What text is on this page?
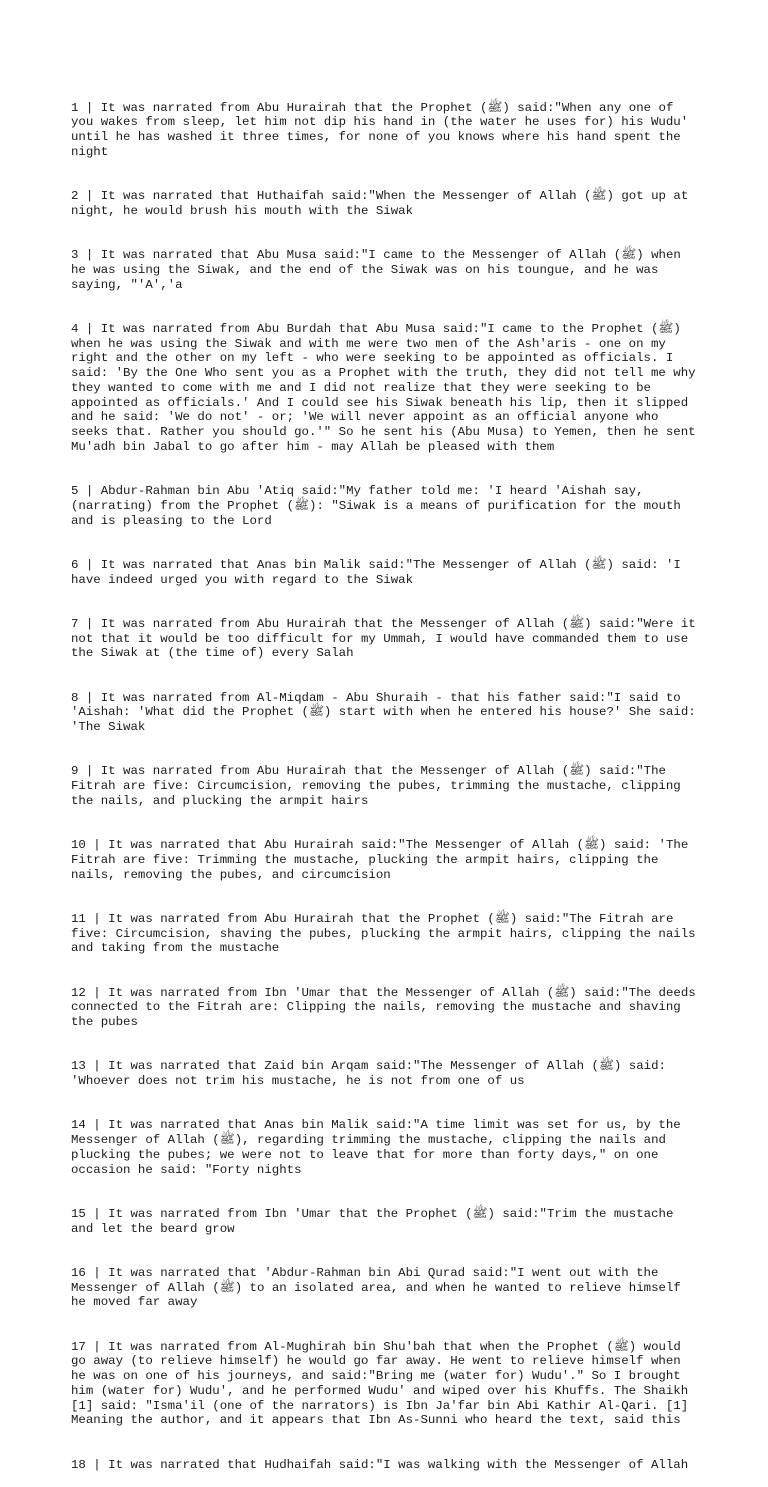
1 | It was narrated from Abu Hurairah that the Prophet (ﷺ) said:"When any one of you wakes from sleep, let him not dip his hand in (the water he uses for) his Wudu' until he has washed it three times, for none of you knows where his hand spent the night

2 | It was narrated that Huthaifah said:"When the Messenger of Allah (ﷺ) got up at night, he would brush his mouth with the Siwak

3 | It was narrated that Abu Musa said:"I came to the Messenger of Allah (ﷺ) when he was using the Siwak, and the end of the Siwak was on his toungue, and he was saying, "'A','a

4 | It was narrated from Abu Burdah that Abu Musa said:"I came to the Prophet (ﷺ) when he was using the Siwak and with me were two men of the Ash'aris - one on my right and the other on my left - who were seeking to be appointed as officials. I said: 'By the One Who sent you as a Prophet with the truth, they did not tell me why they wanted to come with me and I did not realize that they were seeking to be appointed as officials.' And I could see his Siwak beneath his lip, then it slipped and he said: 'We do not' - or; 'We will never appoint as an official anyone who seeks that. Rather you should go.'" So he sent his (Abu Musa) to Yemen, then he sent Mu'adh bin Jabal to go after him - may Allah be pleased with them

5 | Abdur-Rahman bin Abu 'Atiq said:"My father told me: 'I heard 'Aishah say, (narrating) from the Prophet (ﷺ): "Siwak is a means of purification for the mouth and is pleasing to the Lord

6 | It was narrated that Anas bin Malik said:"The Messenger of Allah (ﷺ) said: 'I have indeed urged you with regard to the Siwak

7 | It was narrated from Abu Hurairah that the Messenger of Allah (ﷺ) said:"Were it not that it would be too difficult for my Ummah, I would have commanded them to use the Siwak at (the time of) every Salah

8 | It was narrated from Al-Miqdam - Abu Shuraih - that his father said:"I said to 'Aishah: 'What did the Prophet (ﷺ) start with when he entered his house?' She said: 'The Siwak

9 | It was narrated from Abu Hurairah that the Messenger of Allah (ﷺ) said:"The Fitrah are five: Circumcision, removing the pubes, trimming the mustache, clipping the nails, and plucking the armpit hairs

10 | It was narrated that Abu Hurairah said:"The Messenger of Allah (ﷺ) said: 'The Fitrah are five: Trimming the mustache, plucking the armpit hairs, clipping the nails, removing the pubes, and circumcision

11 | It was narrated from Abu Hurairah that the Prophet (ﷺ) said:"The Fitrah are five: Circumcision, shaving the pubes, plucking the armpit hairs, clipping the nails and taking from the mustache

12 | It was narrated from Ibn 'Umar that the Messenger of Allah (ﷺ) said:"The deeds connected to the Fitrah are: Clipping the nails, removing the mustache and shaving the pubes

13 | It was narrated that Zaid bin Arqam said:"The Messenger of Allah (ﷺ) said: 'Whoever does not trim his mustache, he is not from one of us

14 | It was narrated that Anas bin Malik said:"A time limit was set for us, by the Messenger of Allah (ﷺ), regarding trimming the mustache, clipping the nails and plucking the pubes; we were not to leave that for more than forty days," on one occasion he said: "Forty nights

15 | It was narrated from Ibn 'Umar that the Prophet (ﷺ) said:"Trim the mustache and let the beard grow

16 | It was narrated that 'Abdur-Rahman bin Abi Qurad said:"I went out with the Messenger of Allah (ﷺ) to an isolated area, and when he wanted to relieve himself he moved far away

17 | It was narrated from Al-Mughirah bin Shu'bah that when the Prophet (ﷺ) would go away (to relieve himself) he would go far away. He went to relieve himself when he was on one of his journeys, and said:"Bring me (water for) Wudu'." So I brought him (water for) Wudu', and he performed Wudu' and wiped over his Khuffs. The Shaikh [1] said: "Isma'il (one of the narrators) is Ibn Ja'far bin Abi Kathir Al-Qari. [1] Meaning the author, and it appears that Ibn As-Sunni who heard the text, said this

18 | It was narrated that Hudhaifah said:"I was walking with the Messenger of Allah
